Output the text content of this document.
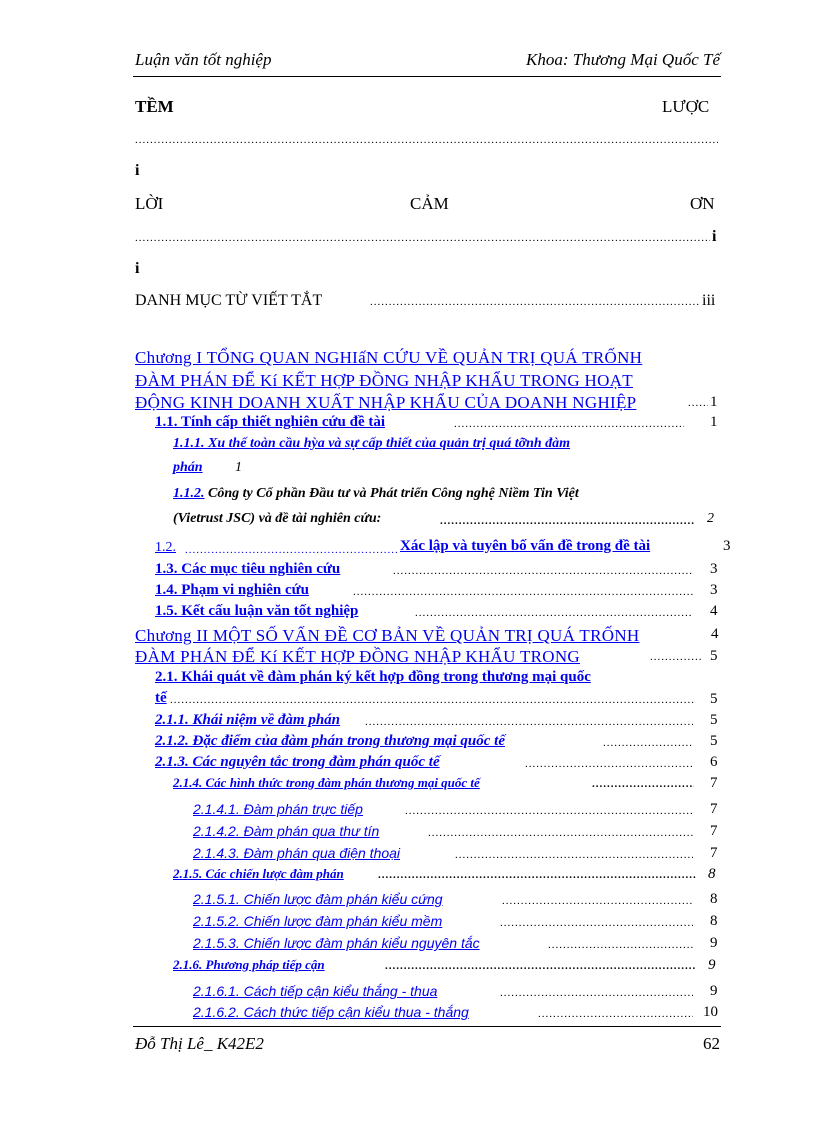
Luận văn tốt nghiệp	Khoa: Thương Mại Quốc Tế
TỀM	LƯỢC
.....
i
LỜI	CẢM	ƠN
.....
i
i
DANH MỤC TỪ VIẾT TẮT .....	iii
Chương I TỔNG QUAN NGHIấN CỨU VỀ QUẢN TRỊ QUÁ TRỐNH
ĐÀM PHÁN ĐỂ Kí KẾT HỢP ĐỒNG NHẬP KHẨU TRONG HOẠT
ĐỘNG KINH DOANH XUẤT NHẬP KHẨU CỦA DOANH NGHIỆP .....	1
1.1. Tính cấp thiết nghiên cứu đề tài .....	1
1.1.1. Xu thế toàn cầu hỳa và sự cấp thiết của quản trị quá tỡnh đàm
phán 1
1.1.2. Công ty Cổ phần Đầu tư và Phát triển Công nghệ Niềm Tin Việt
(Vietrust JSC) và đề tài nghiên cứu: .....	2
1.2. .....	Xác lập và tuyên bố vấn đề trong đề tài	3
1.3. Các mục tiêu nghiên cứu .....	3
1.4. Phạm vi nghiên cứu .....	3
1.5. Kết cấu luận văn tốt nghiệp .....	4
Chương II MỘT SỐ VẤN ĐỀ CƠ BẢN VỀ QUẢN TRỊ QUÁ TRỐNH	4
ĐÀM PHÁN ĐỂ Kí KẾT HỢP ĐỒNG NHẬP KHẨU TRONG .....	5
2.1. Khái quát về đàm phán ký kết hợp đồng trong thương mại quốc
tế .....	5
2.1.1. Khái niệm về đàm phán .....	5
2.1.2. Đặc điểm của đàm phán trong thương mại quốc tế .....	5
2.1.3. Các nguyên tắc trong đàm phán quốc tế .....	6
2.1.4. Các hình thức trong đàm phán thương mại quốc tế .....	7
2.1.4.1. Đàm phán trực tiếp .....	7
2.1.4.2. Đàm phán qua thư tín .....	7
2.1.4.3. Đàm phán qua điện thoại .....	7
2.1.5. Các chiến lược đàm phán .....	8
2.1.5.1. Chiến lược đàm phán kiểu cứng .....	8
2.1.5.2. Chiến lược đàm phán kiểu mềm .....	8
2.1.5.3. Chiến lược đàm phán kiểu nguyên tắc .....	9
2.1.6. Phương pháp tiếp cận .....	9
2.1.6.1. Cách tiếp cận kiểu thắng - thua .....	9
2.1.6.2. Cách thức tiếp cận kiểu thua - thắng .....	10
Đỗ Thị Lê_ K42E2	62
